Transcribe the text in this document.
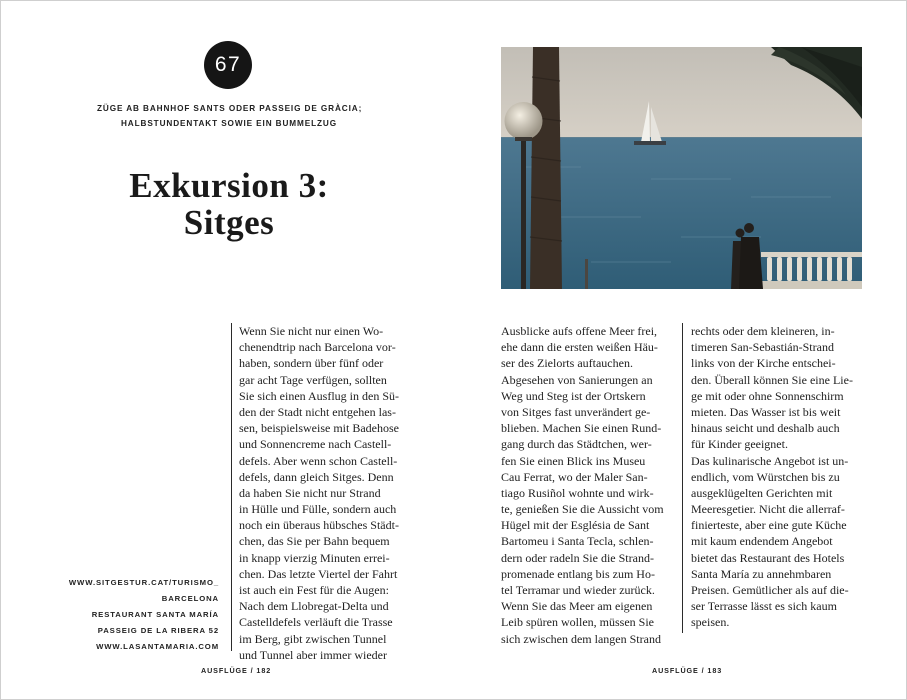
67
ZÜGE AB BAHNHOF SANTS ODER PASSEIG DE GRÀCIA;
HALBSTUNDENTAKT SOWIE EIN BUMMELZUG
Exkursion 3:
Sitges
WWW.SITGESTUR.CAT/TURISMO_
BARCELONA
RESTAURANT SANTA MARÍA
PASSEIG DE LA RIBERA 52
WWW.LASANTAMARIA.COM
Wenn Sie nicht nur einen Wo-
chenendtrip nach Barcelona vor-
haben, sondern über fünf oder
gar acht Tage verfügen, sollten
Sie sich einen Ausflug in den Sü-
den der Stadt nicht entgehen las-
sen, beispielsweise mit Badehose
und Sonnencreme nach Castell-
defels. Aber wenn schon Castell-
defels, dann gleich Sitges. Denn
da haben Sie nicht nur Strand
in Hülle und Fülle, sondern auch
noch ein überaus hübsches Städt-
chen, das Sie per Bahn bequem
in knapp vierzig Minuten errei-
chen. Das letzte Viertel der Fahrt
ist auch ein Fest für die Augen:
Nach dem Llobregat-Delta und
Castelldefels verläuft die Trasse
im Berg, gibt zwischen Tunnel
und Tunnel aber immer wieder
AUSFLÜGE / 182
Ausblicke aufs offene Meer frei,
ehe dann die ersten weißen Häu-
ser des Zielorts auftauchen.
Abgesehen von Sanierungen an
Weg und Steg ist der Ortskern
von Sitges fast unverändert ge-
blieben. Machen Sie einen Rund-
gang durch das Städtchen, wer-
fen Sie einen Blick ins Museu
Cau Ferrat, wo der Maler San-
tiago Rusiñol wohnte und wirk-
te, genießen Sie die Aussicht vom
Hügel mit der Església de Sant
Bartomeu i Santa Tecla, schlen-
dern oder radeln Sie die Strand-
promenade entlang bis zum Ho-
tel Terramar und wieder zurück.
Wenn Sie das Meer am eigenen
Leib spüren wollen, müssen Sie
sich zwischen dem langen Strand
rechts oder dem kleineren, in-
timeren San-Sebastián-Strand
links von der Kirche entschei-
den. Überall können Sie eine Lie-
ge mit oder ohne Sonnenschirm
mieten. Das Wasser ist bis weit
hinaus seicht und deshalb auch
für Kinder geeignet.
Das kulinarische Angebot ist un-
endlich, vom Würstchen bis zu
ausgeklügelten Gerichten mit
Meeresgetier. Nicht die allerraf-
finierteste, aber eine gute Küche
mit kaum endendem Angebot
bietet das Restaurant des Hotels
Santa María zu annehmbaren
Preisen. Gemütlicher als auf die-
ser Terrasse lässt es sich kaum
speisen.
AUSFLÜGE / 183
